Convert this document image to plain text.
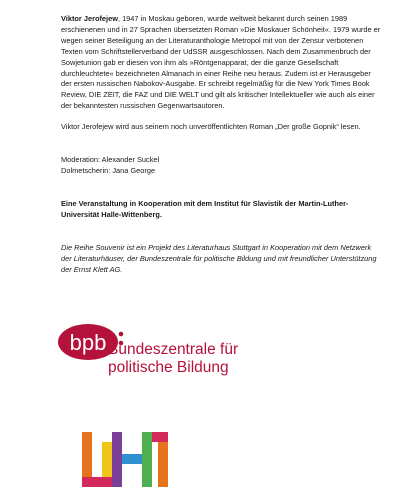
Viktor Jerofejew, 1947 in Moskau geboren, wurde weltweit bekannt durch seinen 1989 erschienenen und in 27 Sprachen übersetzten Roman »Die Moskauer Schönheit«. 1979 wurde er wegen seiner Beteiligung an der Literaturanthologie Metropol mit von der Zensur verbotenen Texten vom Schriftstellerverband der UdSSR ausgeschlossen. Nach dem Zusammenbruch der Sowjetunion gab er diesen von ihm als »Röntgenapparat, der die ganze Gesellschaft durchleuchtete« bezeichneten Almanach in einer Reihe neu heraus. Zudem ist er Herausgeber der ersten russischen Nabokov-Ausgabe. Er schreibt regelmäßig für die New York Times Book Review, DIE ZEIT, die FAZ und DIE WELT und gilt als kritischer Intellektueller wie auch als einer der bekanntesten russischen Gegenwartsautoren.

Viktor Jerofejew wird aus seinem noch unveröffentlichten Roman „Der große Gopnik“ lesen.

Moderation: Alexander Suckel

Dolmetscherin: Jana George

Eine Veranstaltung in Kooperation mit dem Institut für Slavistik der Martin-Luther-Universität Halle-Wittenberg.

Die Reihe Souvenir ist ein Projekt des Literaturhaus Stuttgart in Kooperation mit dem Netzwerk der Literaturhäuser, der Bundeszentrale für politische Bildung und mit freundlicher Unterstützung der Ernst Klett AG.

bpb Bundeszentrale für
politische Bildung
